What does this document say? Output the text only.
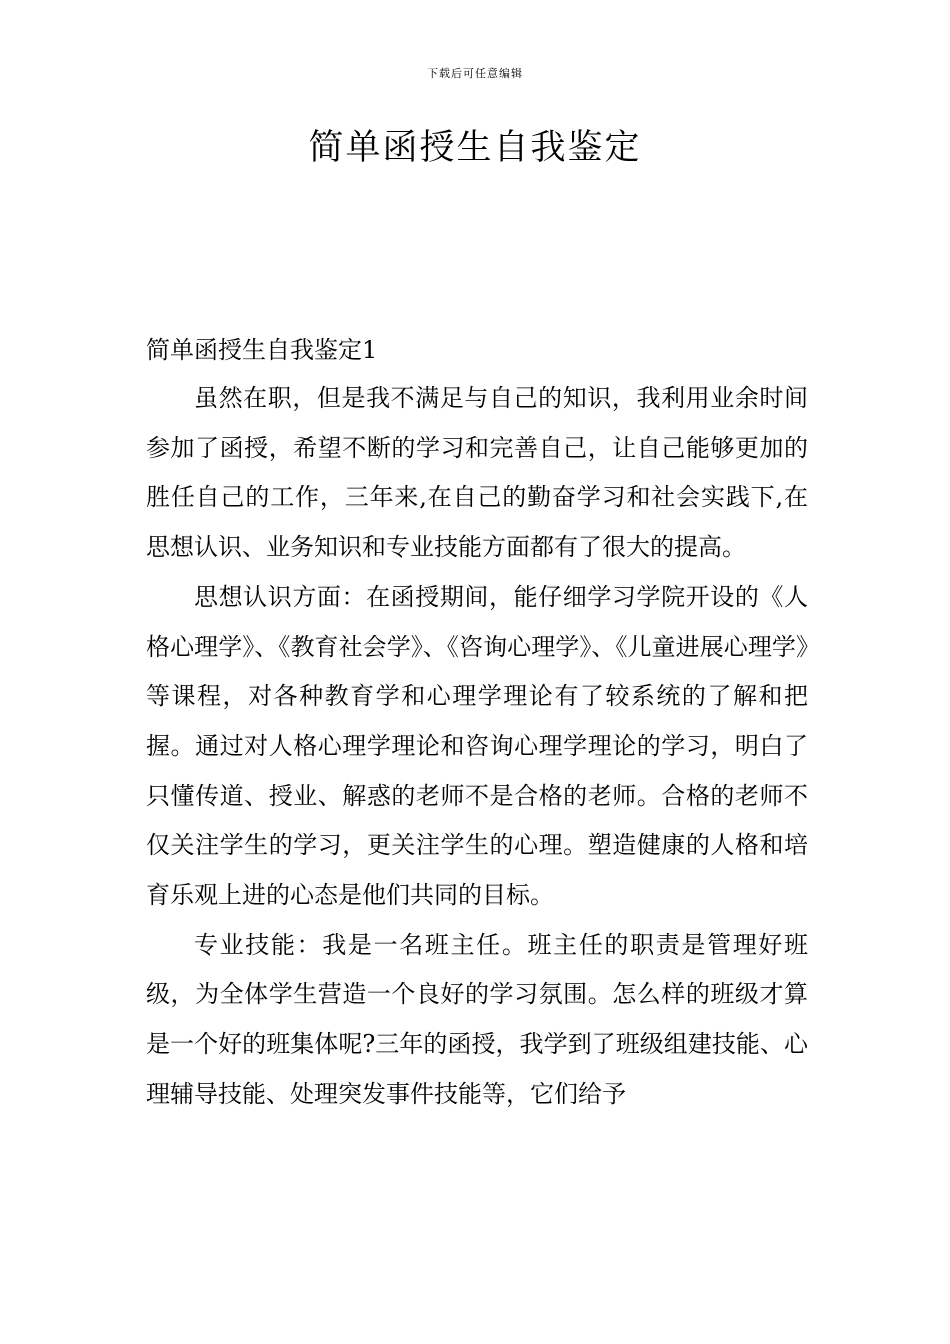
下载后可任意编辑
简单函授生自我鉴定
简单函授生自我鉴定1

虽然在职，但是我不满足与自己的知识，我利用业余时间参加了函授，希望不断的学习和完善自己，让自己能够更加的胜任自己的工作，三年来,在自己的勤奋学习和社会实践下,在思想认识、业务知识和专业技能方面都有了很大的提高。

思想认识方面：在函授期间，能仔细学习学院开设的《人格心理学》、《教育社会学》、《咨询心理学》、《儿童进展心理学》等课程，对各种教育学和心理学理论有了较系统的了解和把握。通过对人格心理学理论和咨询心理学理论的学习，明白了只懂传道、授业、解惑的老师不是合格的老师。合格的老师不仅关注学生的学习，更关注学生的心理。塑造健康的人格和培育乐观上进的心态是他们共同的目标。

专业技能：我是一名班主任。班主任的职责是管理好班级，为全体学生营造一个良好的学习氛围。怎么样的班级才算是一个好的班集体呢?三年的函授，我学到了班级组建技能、心理辅导技能、处理突发事件技能等，它们给予
